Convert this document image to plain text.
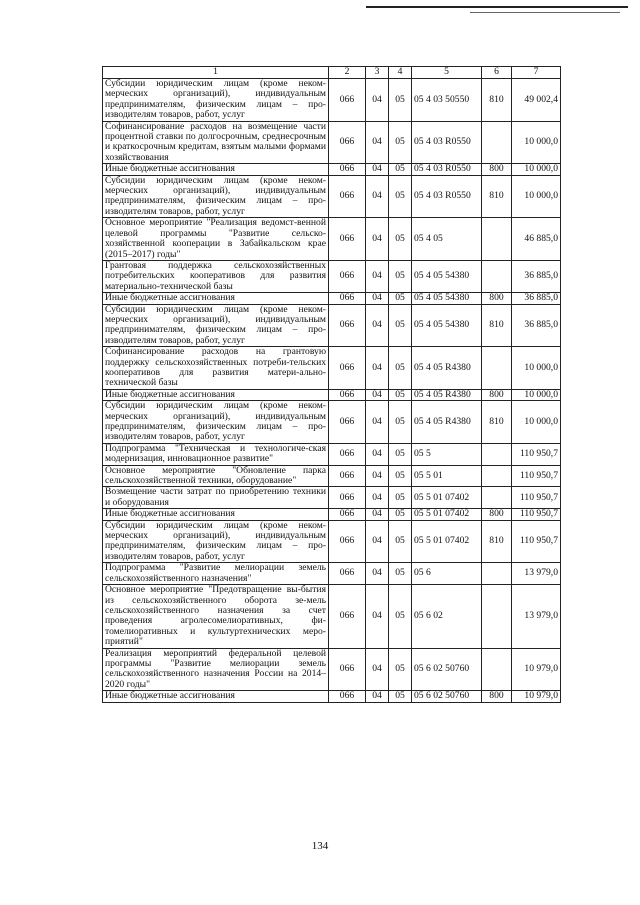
1	2	3	4	5	6	7
Субсидии юридическим лицам (кроме неком-мерческих организаций), индивидуальным предпринимателям, физическим лицам – про-изводителям товаров, работ, услуг	066	04	05	05 4 03 50550	810	49 002,4
Софинансирование расходов на возмещение части процентной ставки по долгосрочным, среднесрочным и краткосрочным кредитам, взятым малыми формами хозяйствования	066	04	05	05 4 03 R0550		10 000,0
Иные бюджетные ассигнования	066	04	05	05 4 03 R0550	800	10 000,0
Субсидии юридическим лицам (кроме неком-мерческих организаций), индивидуальным предпринимателям, физическим лицам – про-изводителям товаров, работ, услуг	066	04	05	05 4 03 R0550	810	10 000,0
Основное мероприятие "Реализация ведомст-венной целевой программы "Развитие сельско-хозяйственной кооперации в Забайкальском крае (2015–2017) годы"	066	04	05	05 4 05		46 885,0
Грантовая поддержка сельскохозяйственных потребительских кооперативов для развития материально-технической базы	066	04	05	05 4 05 54380		36 885,0
Иные бюджетные ассигнования	066	04	05	05 4 05 54380	800	36 885,0
Субсидии юридическим лицам (кроме неком-мерческих организаций), индивидуальным предпринимателям, физическим лицам – про-изводителям товаров, работ, услуг	066	04	05	05 4 05 54380	810	36 885,0
Софинансирование расходов на грантовую поддержку сельскохозяйственных потреби-тельских кооперативов для развития матери-ально-технической базы	066	04	05	05 4 05 R4380		10 000,0
Иные бюджетные ассигнования	066	04	05	05 4 05 R4380	800	10 000,0
Субсидии юридическим лицам (кроме неком-мерческих организаций), индивидуальным предпринимателям, физическим лицам – про-изводителям товаров, работ, услуг	066	04	05	05 4 05 R4380	810	10 000,0
Подпрограмма "Техническая и технологиче-ская модернизация, инновационное развитие"	066	04	05	05 5		110 950,7
Основное мероприятие "Обновление парка сельскохозяйственной техники, оборудование"	066	04	05	05 5 01		110 950,7
Возмещение части затрат по приобретению техники и оборудования	066	04	05	05 5 01 07402		110 950,7
Иные бюджетные ассигнования	066	04	05	05 5 01 07402	800	110 950,7
Субсидии юридическим лицам (кроме неком-мерческих организаций), индивидуальным предпринимателям, физическим лицам – про-изводителям товаров, работ, услуг	066	04	05	05 5 01 07402	810	110 950,7
Подпрограмма "Развитие мелиорации земель сельскохозяйственного назначения"	066	04	05	05 6		13 979,0
Основное мероприятие "Предотвращение вы-бытия из сельскохозяйственного оборота зе-мель сельскохозяйственного назначения за счет проведения агролесомелиоративных, фи-томелиоративных и культуртехнических меро-приятий"	066	04	05	05 6 02		13 979,0
Реализация мероприятий федеральной целевой программы "Развитие мелиорации земель сельскохозяйственного назначения России на 2014–2020 годы"	066	04	05	05 6 02 50760		10 979,0
Иные бюджетные ассигнования	066	04	05	05 6 02 50760	800	10 979,0
134
